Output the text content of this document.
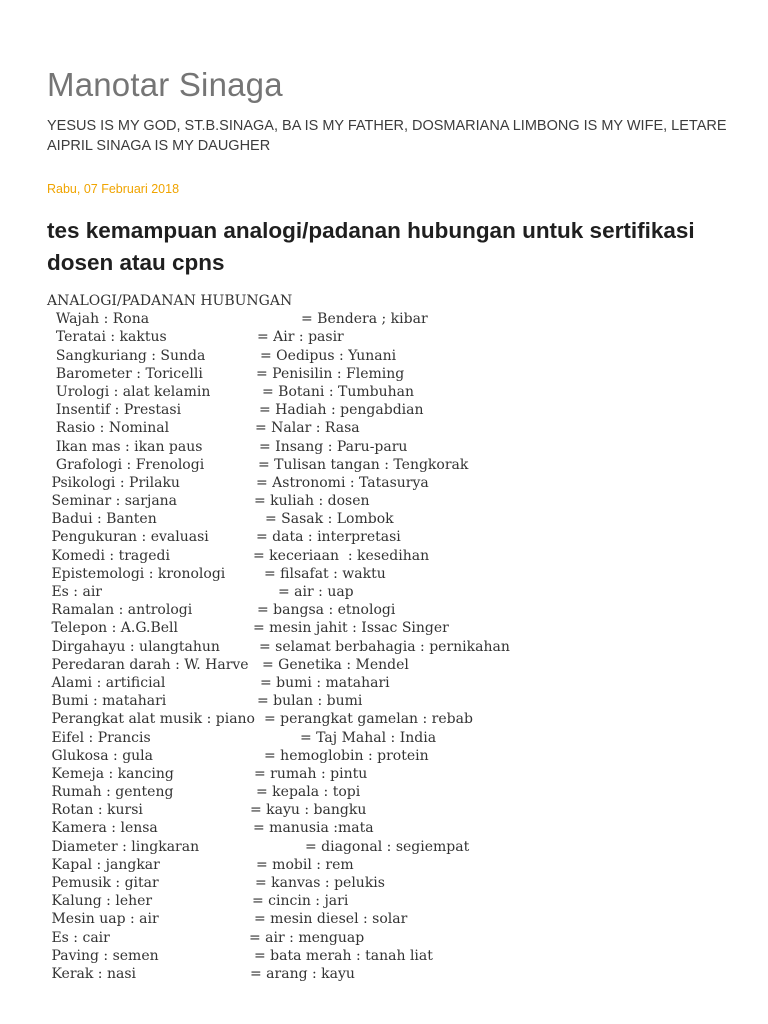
Manotar Sinaga
YESUS IS MY GOD, ST.B.SINAGA, BA IS MY FATHER, DOSMARIANA LIMBONG IS MY WIFE, LETARE AIPRIL SINAGA IS MY DAUGHER
Rabu, 07 Februari 2018
tes kemampuan analogi/padanan hubungan untuk sertifikasi dosen atau cpns

ANALOGI/PADANAN HUBUNGAN

Wajah : Rona	= Bendera ; kibar
Teratai : kaktus	= Air : pasir
Sangkuriang : Sunda	= Oedipus : Yunani
Barometer : Toricelli	= Penisilin : Fleming
Urologi : alat kelamin	= Botani : Tumbuhan
Insentif : Prestasi	= Hadiah : pengabdian
Rasio : Nominal	= Nalar : Rasa
Ikan mas : ikan paus	= Insang : Paru-paru
Grafologi : Frenologi	= Tulisan tangan : Tengkorak
Psikologi : Prilaku	= Astronomi : Tatasurya
Seminar : sarjana	= kuliah : dosen
Badui : Banten	= Sasak : Lombok
Pengukuran : evaluasi	= data : interpretasi
Komedi : tragedi	= keceriaan  : kesedihan
Epistemologi : kronologi	= filsafat : waktu
Es : air	= air : uap
Ramalan : antrologi	= bangsa : etnologi
Telepon : A.G.Bell	= mesin jahit : Issac Singer
Dirgahayu : ulangtahun	= selamat berbahagia : pernikahan
Peredaran darah : W. Harve = Genetika : Mendel
Alami : artificial	= bumi : matahari
Bumi : matahari	= bulan : bumi
Perangkat alat musik : piano = perangkat gamelan : rebab
Eifel : Prancis	= Taj Mahal : India
Glukosa : gula	= hemoglobin : protein
Kemeja : kancing	= rumah : pintu
Rumah : genteng	= kepala : topi
Rotan : kursi	= kayu : bangku
Kamera : lensa	= manusia :mata
Diameter : lingkaran	= diagonal : segiempat
Kapal : jangkar	= mobil : rem
Pemusik : gitar	= kanvas : pelukis
Kalung : leher	= cincin : jari
Mesin uap : air	= mesin diesel : solar
Es : cair	= air : menguap
Paving : semen	= bata merah : tanah liat
Kerak : nasi	= arang : kayu
